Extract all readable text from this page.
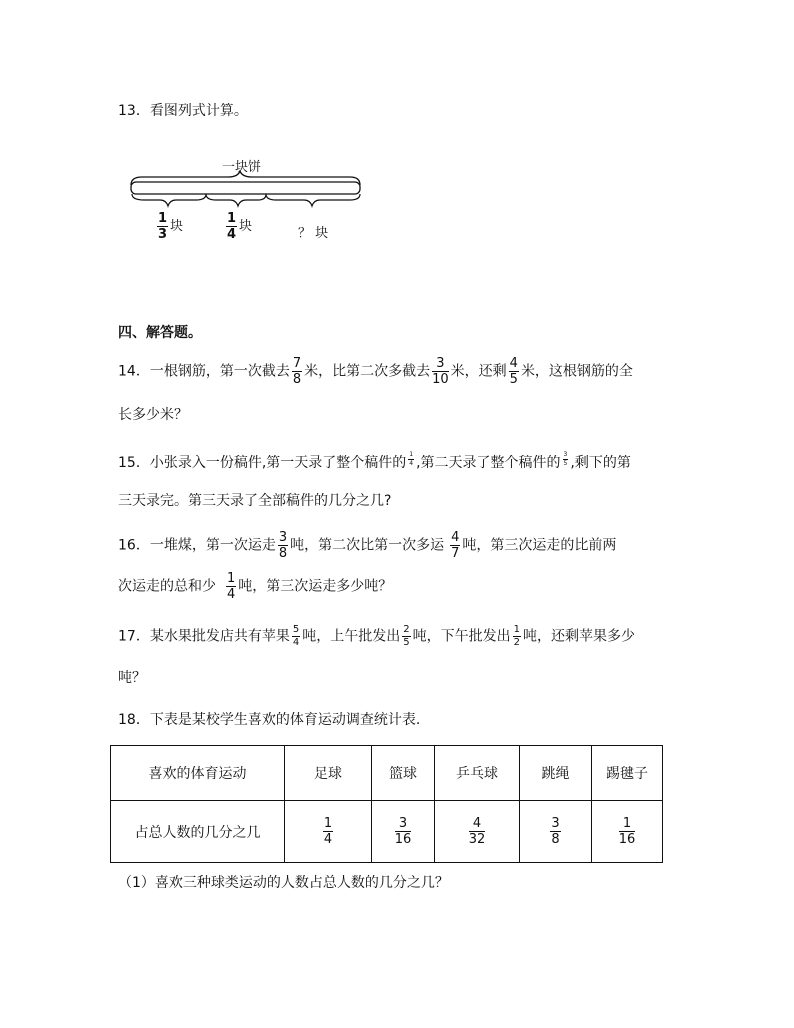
13．看图列式计算。
一块饼
$\frac{1}{3}$ 块	$\frac{1}{4}$ 块	？ 块
四、解答题。
14．一根钢筋，第一次截去 $\frac{7}{8}$ 米，比第二次多截去 $\frac{3}{10}$ 米，还剩 $\frac{4}{5}$ 米，这根钢筋的全
长多少米？
15．小张录入一份稿件,第一天录了整个稿件的 $\frac{1}{4}$ ,第二天录了整个稿件的 $\frac{3}{5}$ ,剩下的第
三天录完。第三天录了全部稿件的几分之几?
16．一堆煤，第一次运走 $\frac{3}{8}$ 吨，第二次比第一次多运 $\frac{4}{7}$ 吨，第三次运走的比前两
次运走的总和少 $\frac{1}{4}$ 吨，第三次运走多少吨？
17．某水果批发店共有苹果 $\frac{5}{4}$ 吨，上午批发出 $\frac{2}{5}$ 吨，下午批发出 $\frac{1}{2}$ 吨，还剩苹果多少
吨？
18．下表是某校学生喜欢的体育运动调查统计表.
喜欢的体育运动	足球	篮球	乒乓球	跳绳	踢毽子
占总人数的几分之几	$\frac{1}{4}$	$\frac{3}{16}$	$\frac{4}{32}$	$\frac{3}{8}$	$\frac{1}{16}$
（1）喜欢三种球类运动的人数占总人数的几分之几？
